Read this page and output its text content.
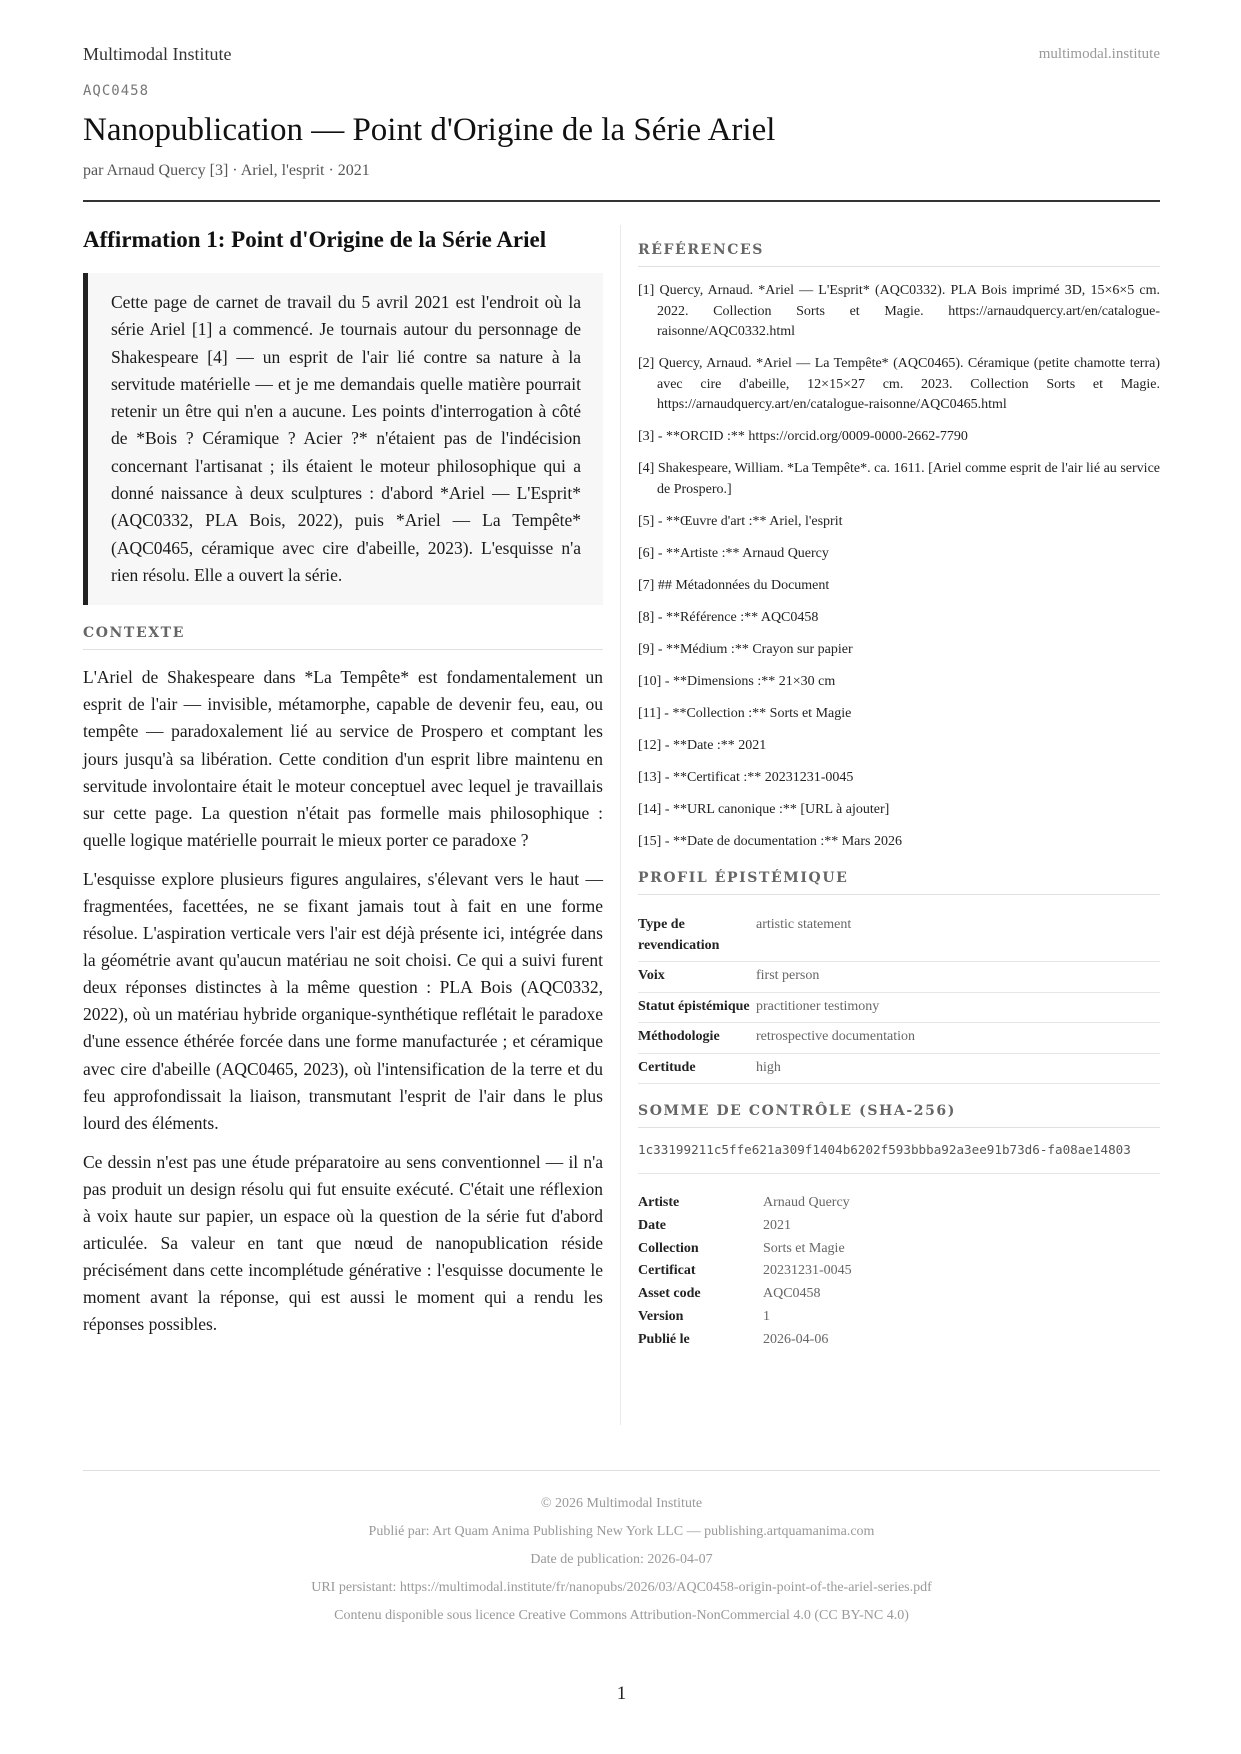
Multimodal Institute	multimodal.institute
AQC0458
Nanopublication — Point d'Origine de la Série Ariel
par Arnaud Quercy [3] · Ariel, l'esprit · 2021
Affirmation 1: Point d'Origine de la Série Ariel
Cette page de carnet de travail du 5 avril 2021 est l'endroit où la série Ariel [1] a commencé. Je tournais autour du personnage de Shakespeare [4] — un esprit de l'air lié contre sa nature à la servitude matérielle — et je me demandais quelle matière pourrait retenir un être qui n'en a aucune. Les points d'interrogation à côté de *Bois ? Céramique ? Acier ?* n'étaient pas de l'indécision concernant l'artisanat ; ils étaient le moteur philosophique qui a donné naissance à deux sculptures : d'abord *Ariel — L'Esprit* (AQC0332, PLA Bois, 2022), puis *Ariel — La Tempête* (AQC0465, céramique avec cire d'abeille, 2023). L'esquisse n'a rien résolu. Elle a ouvert la série.
CONTEXTE

L'Ariel de Shakespeare dans *La Tempête* est fondamentalement un esprit de l'air — invisible, métamorphe, capable de devenir feu, eau, ou tempête — paradoxalement lié au service de Prospero et comptant les jours jusqu'à sa libération. Cette condition d'un esprit libre maintenu en servitude involontaire était le moteur conceptuel avec lequel je travaillais sur cette page. La question n'était pas formelle mais philosophique : quelle logique matérielle pourrait le mieux porter ce paradoxe ?

L'esquisse explore plusieurs figures angulaires, s'élevant vers le haut — fragmentées, facettées, ne se fixant jamais tout à fait en une forme résolue. L'aspiration verticale vers l'air est déjà présente ici, intégrée dans la géométrie avant qu'aucun matériau ne soit choisi. Ce qui a suivi furent deux réponses distinctes à la même question : PLA Bois (AQC0332, 2022), où un matériau hybride organique-synthétique reflétait le paradoxe d'une essence éthérée forcée dans une forme manufacturée ; et céramique avec cire d'abeille (AQC0465, 2023), où l'intensification de la terre et du feu approfondissait la liaison, transmutant l'esprit de l'air dans le plus lourd des éléments.

Ce dessin n'est pas une étude préparatoire au sens conventionnel — il n'a pas produit un design résolu qui fut ensuite exécuté. C'était une réflexion à voix haute sur papier, un espace où la question de la série fut d'abord articulée. Sa valeur en tant que nœud de nanopublication réside précisément dans cette incomplétude générative : l'esquisse documente le moment avant la réponse, qui est aussi le moment qui a rendu les réponses possibles.

RÉFÉRENCES
[1] Quercy, Arnaud. *Ariel — L'Esprit* (AQC0332). PLA Bois imprimé 3D, 15×6×5 cm. 2022. Collection Sorts et Magie. https://arnaudquercy.art/en/catalogue-raisonne/AQC0332.html
[2] Quercy, Arnaud. *Ariel — La Tempête* (AQC0465). Céramique (petite chamotte terra) avec cire d'abeille, 12×15×27 cm. 2023. Collection Sorts et Magie. https://arnaudquercy.art/en/catalogue-raisonne/AQC0465.html
[3] - **ORCID :** https://orcid.org/0009-0000-2662-7790
[4] Shakespeare, William. *La Tempête*. ca. 1611. [Ariel comme esprit de l'air lié au service de Prospero.]
[5] - **Œuvre d'art :** Ariel, l'esprit
[6] - **Artiste :** Arnaud Quercy
[7] ## Métadonnées du Document
[8] - **Référence :** AQC0458
[9] - **Médium :** Crayon sur papier
[10] - **Dimensions :** 21×30 cm
[11] - **Collection :** Sorts et Magie
[12] - **Date :** 2021
[13] - **Certificat :** 20231231-0045
[14] - **URL canonique :** [URL à ajouter]
[15] - **Date de documentation :** Mars 2026
PROFIL ÉPISTÉMIQUE
Type de revendication	artistic statement
Voix	first person
Statut épistémique	practitioner testimony
Méthodologie	retrospective documentation
Certitude	high
SOMME DE CONTRÔLE (SHA-256)
1c33199211c5ffe621a309f1404b6202f593bbba92a3ee91b73d6-fa08ae14803
Artiste	Arnaud Quercy
Date	2021
Collection	Sorts et Magie
Certificat	20231231-0045
Asset code	AQC0458
Version	1
Publié le	2026-04-06
© 2026 Multimodal Institute
Publié par: Art Quam Anima Publishing New York LLC — publishing.artquamanima.com
Date de publication: 2026-04-07
URI persistant: https://multimodal.institute/fr/nanopubs/2026/03/AQC0458-origin-point-of-the-ariel-series.pdf
Contenu disponible sous licence Creative Commons Attribution-NonCommercial 4.0 (CC BY-NC 4.0)
1
